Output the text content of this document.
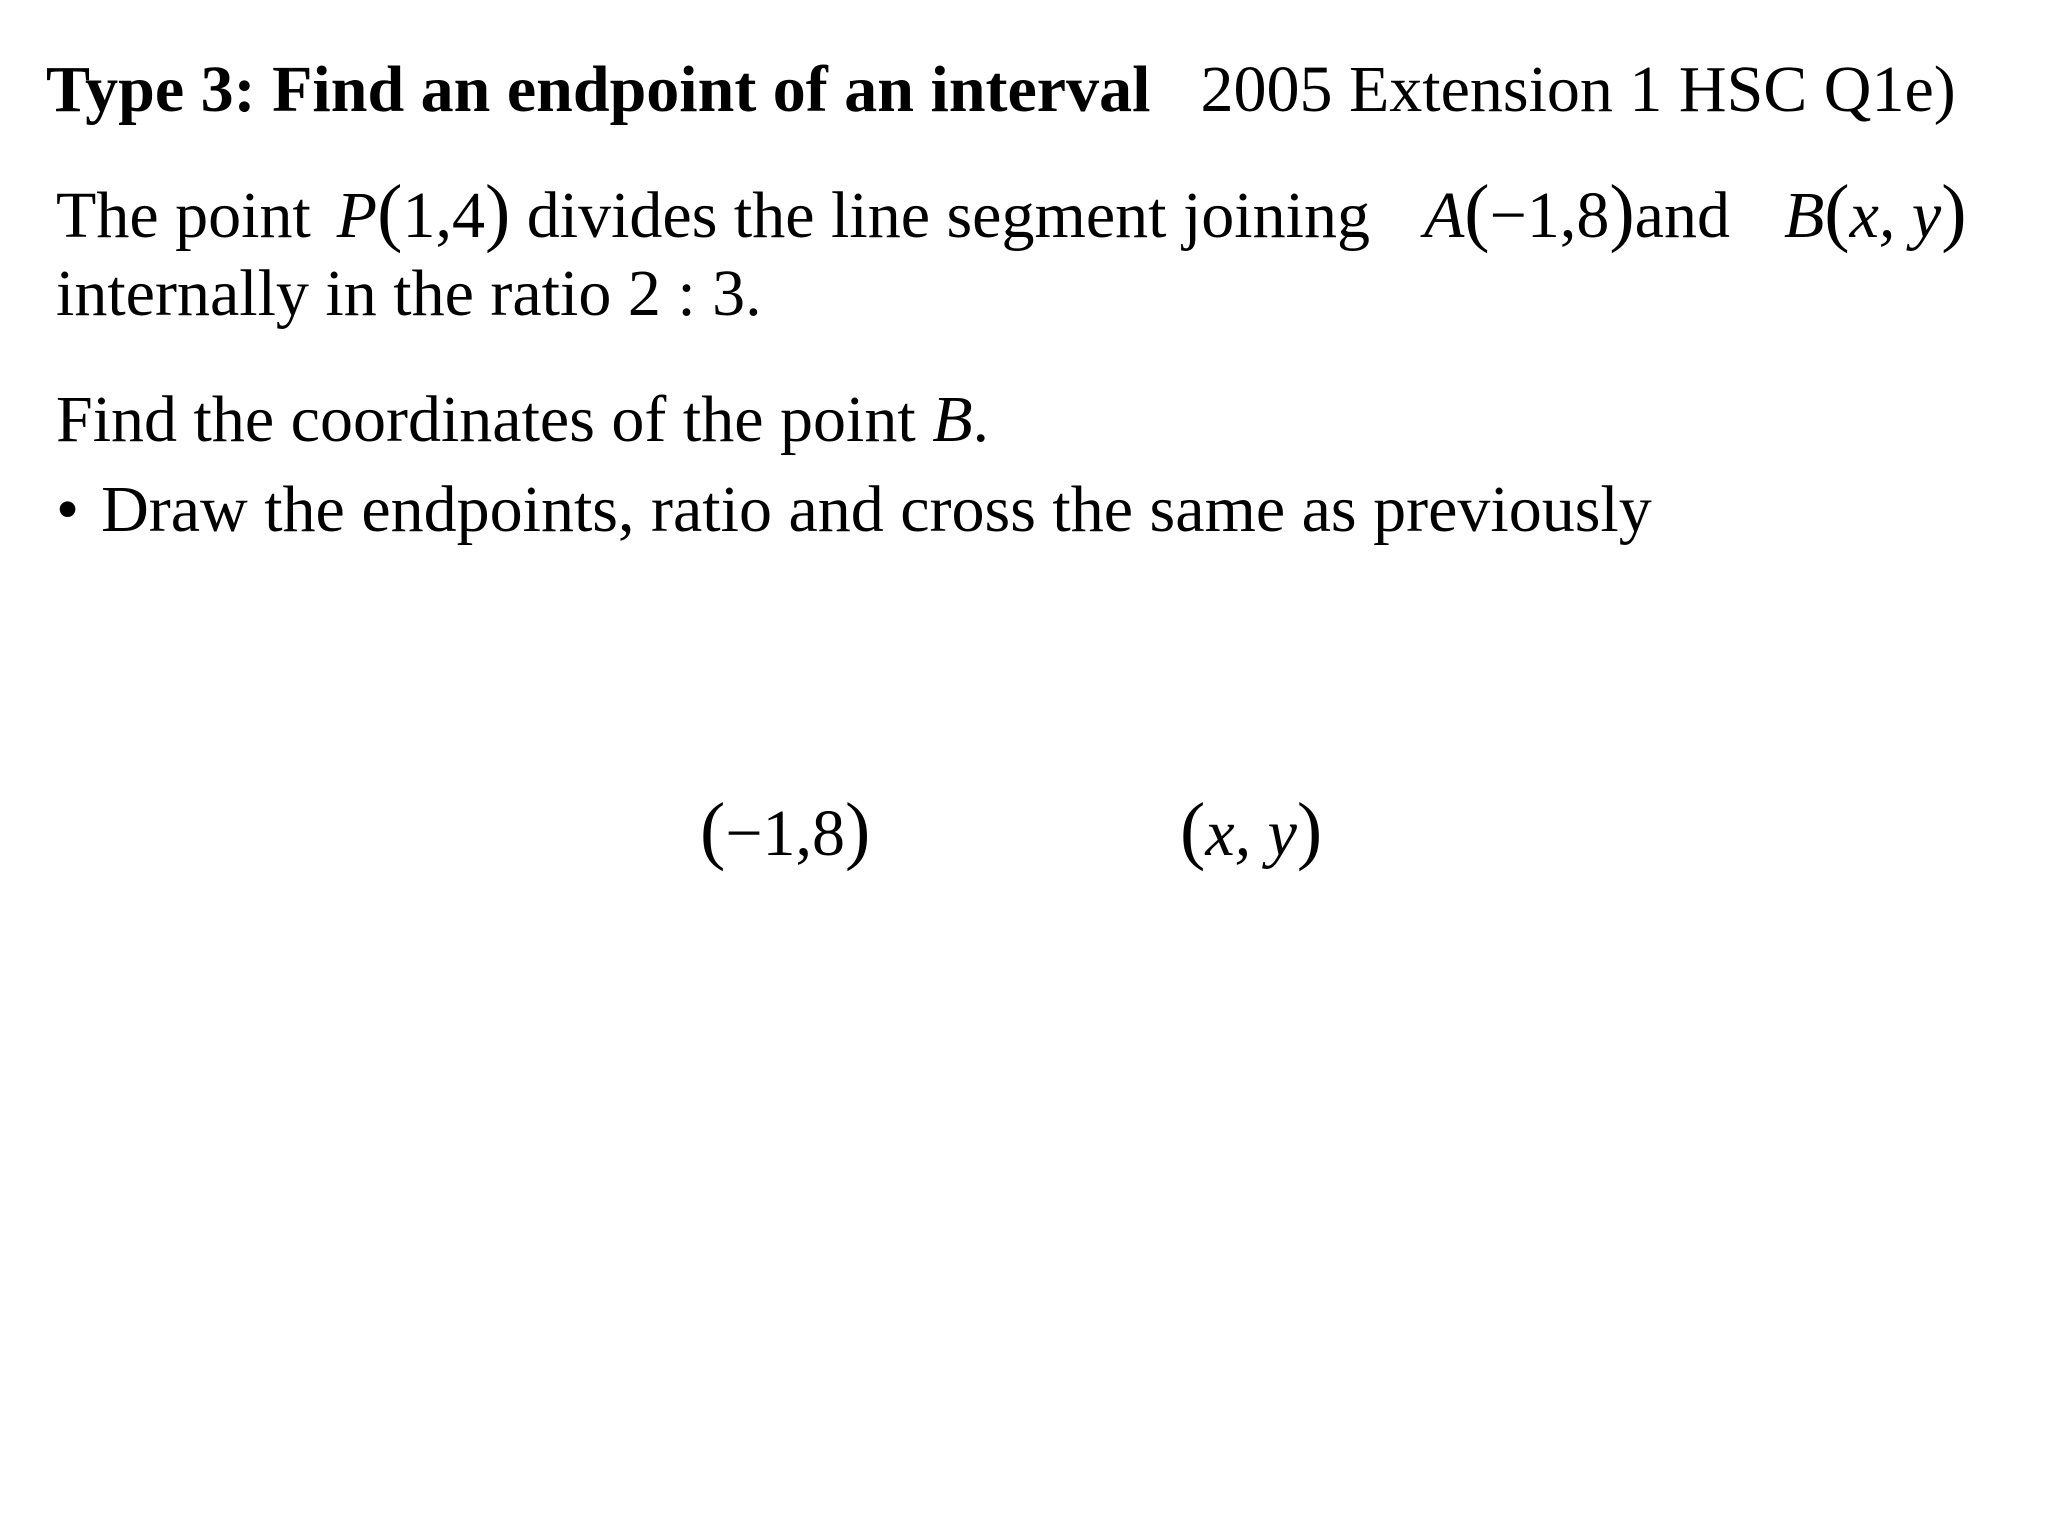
Type 3: Find an endpoint of an interval 2005 Extension 1 HSC Q1e)
The point P(1,4) divides the line segment joining A(−1,8)and B(x, y)
internally in the ratio 2 : 3.
Find the coordinates of the point B.
• Draw the endpoints, ratio and cross the same as previously
(−1,8)	(x, y)
